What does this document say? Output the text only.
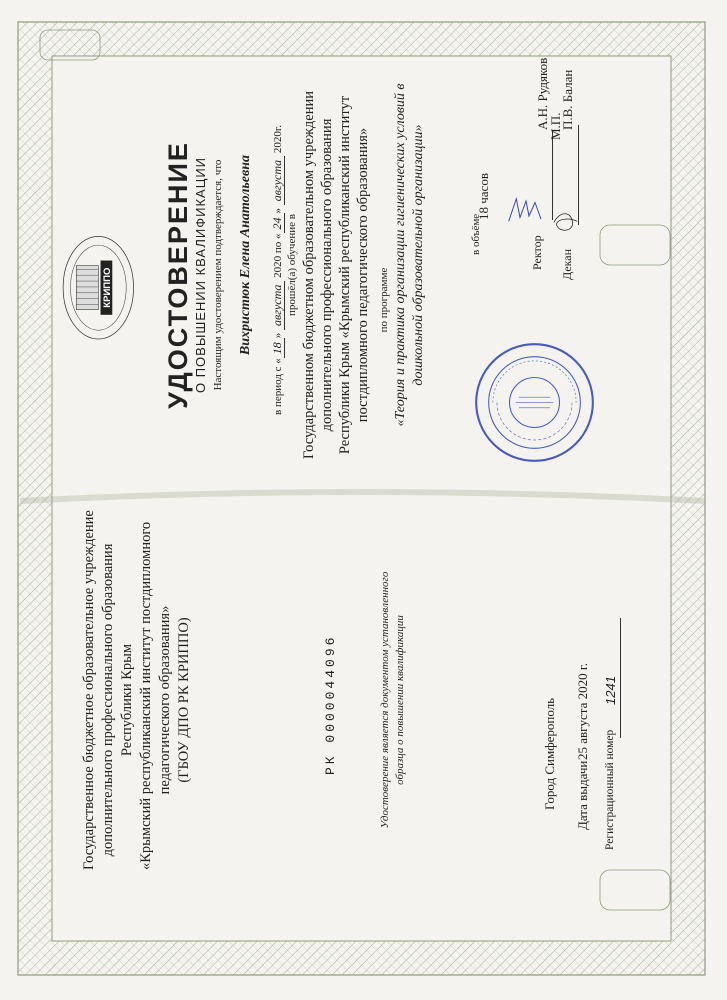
КРИППО
Государственное бюджетное образовательное учреждение дополнительного профессионального образования Республики Крым «Крымский республиканский институт постдипломного педагогического образования» (ГБОУ ДПО РК КРИППО)	РК 0000044096	Удостоверение является документом установленного образца о повышении квалификации	Город Симферополь Дата выдачи
25 августа 2020 г.
Регистрационный номер
1241
УДОСТОВЕРЕНИЕ О ПОВЫШЕНИИ КВАЛИФИКАЦИИ Настоящим удостоверением подтверждается, что Вихристюк Елена Анатольевна
в период с «18» августа 2020 по «24» августа 2020г.
прошёл(а) обучение в Государственном бюджетном образовательном учреждении дополнительного профессионального образования Республики Крым «Крымский республиканский институт постдипломного педагогического образования» по программе «Теория и практика организации гигиенических условий в дошкольной образовательной организации»	в объёме
18 часов
Ректор
А.Н. Рудяков
Декан
П.В. Балан
М.П.
